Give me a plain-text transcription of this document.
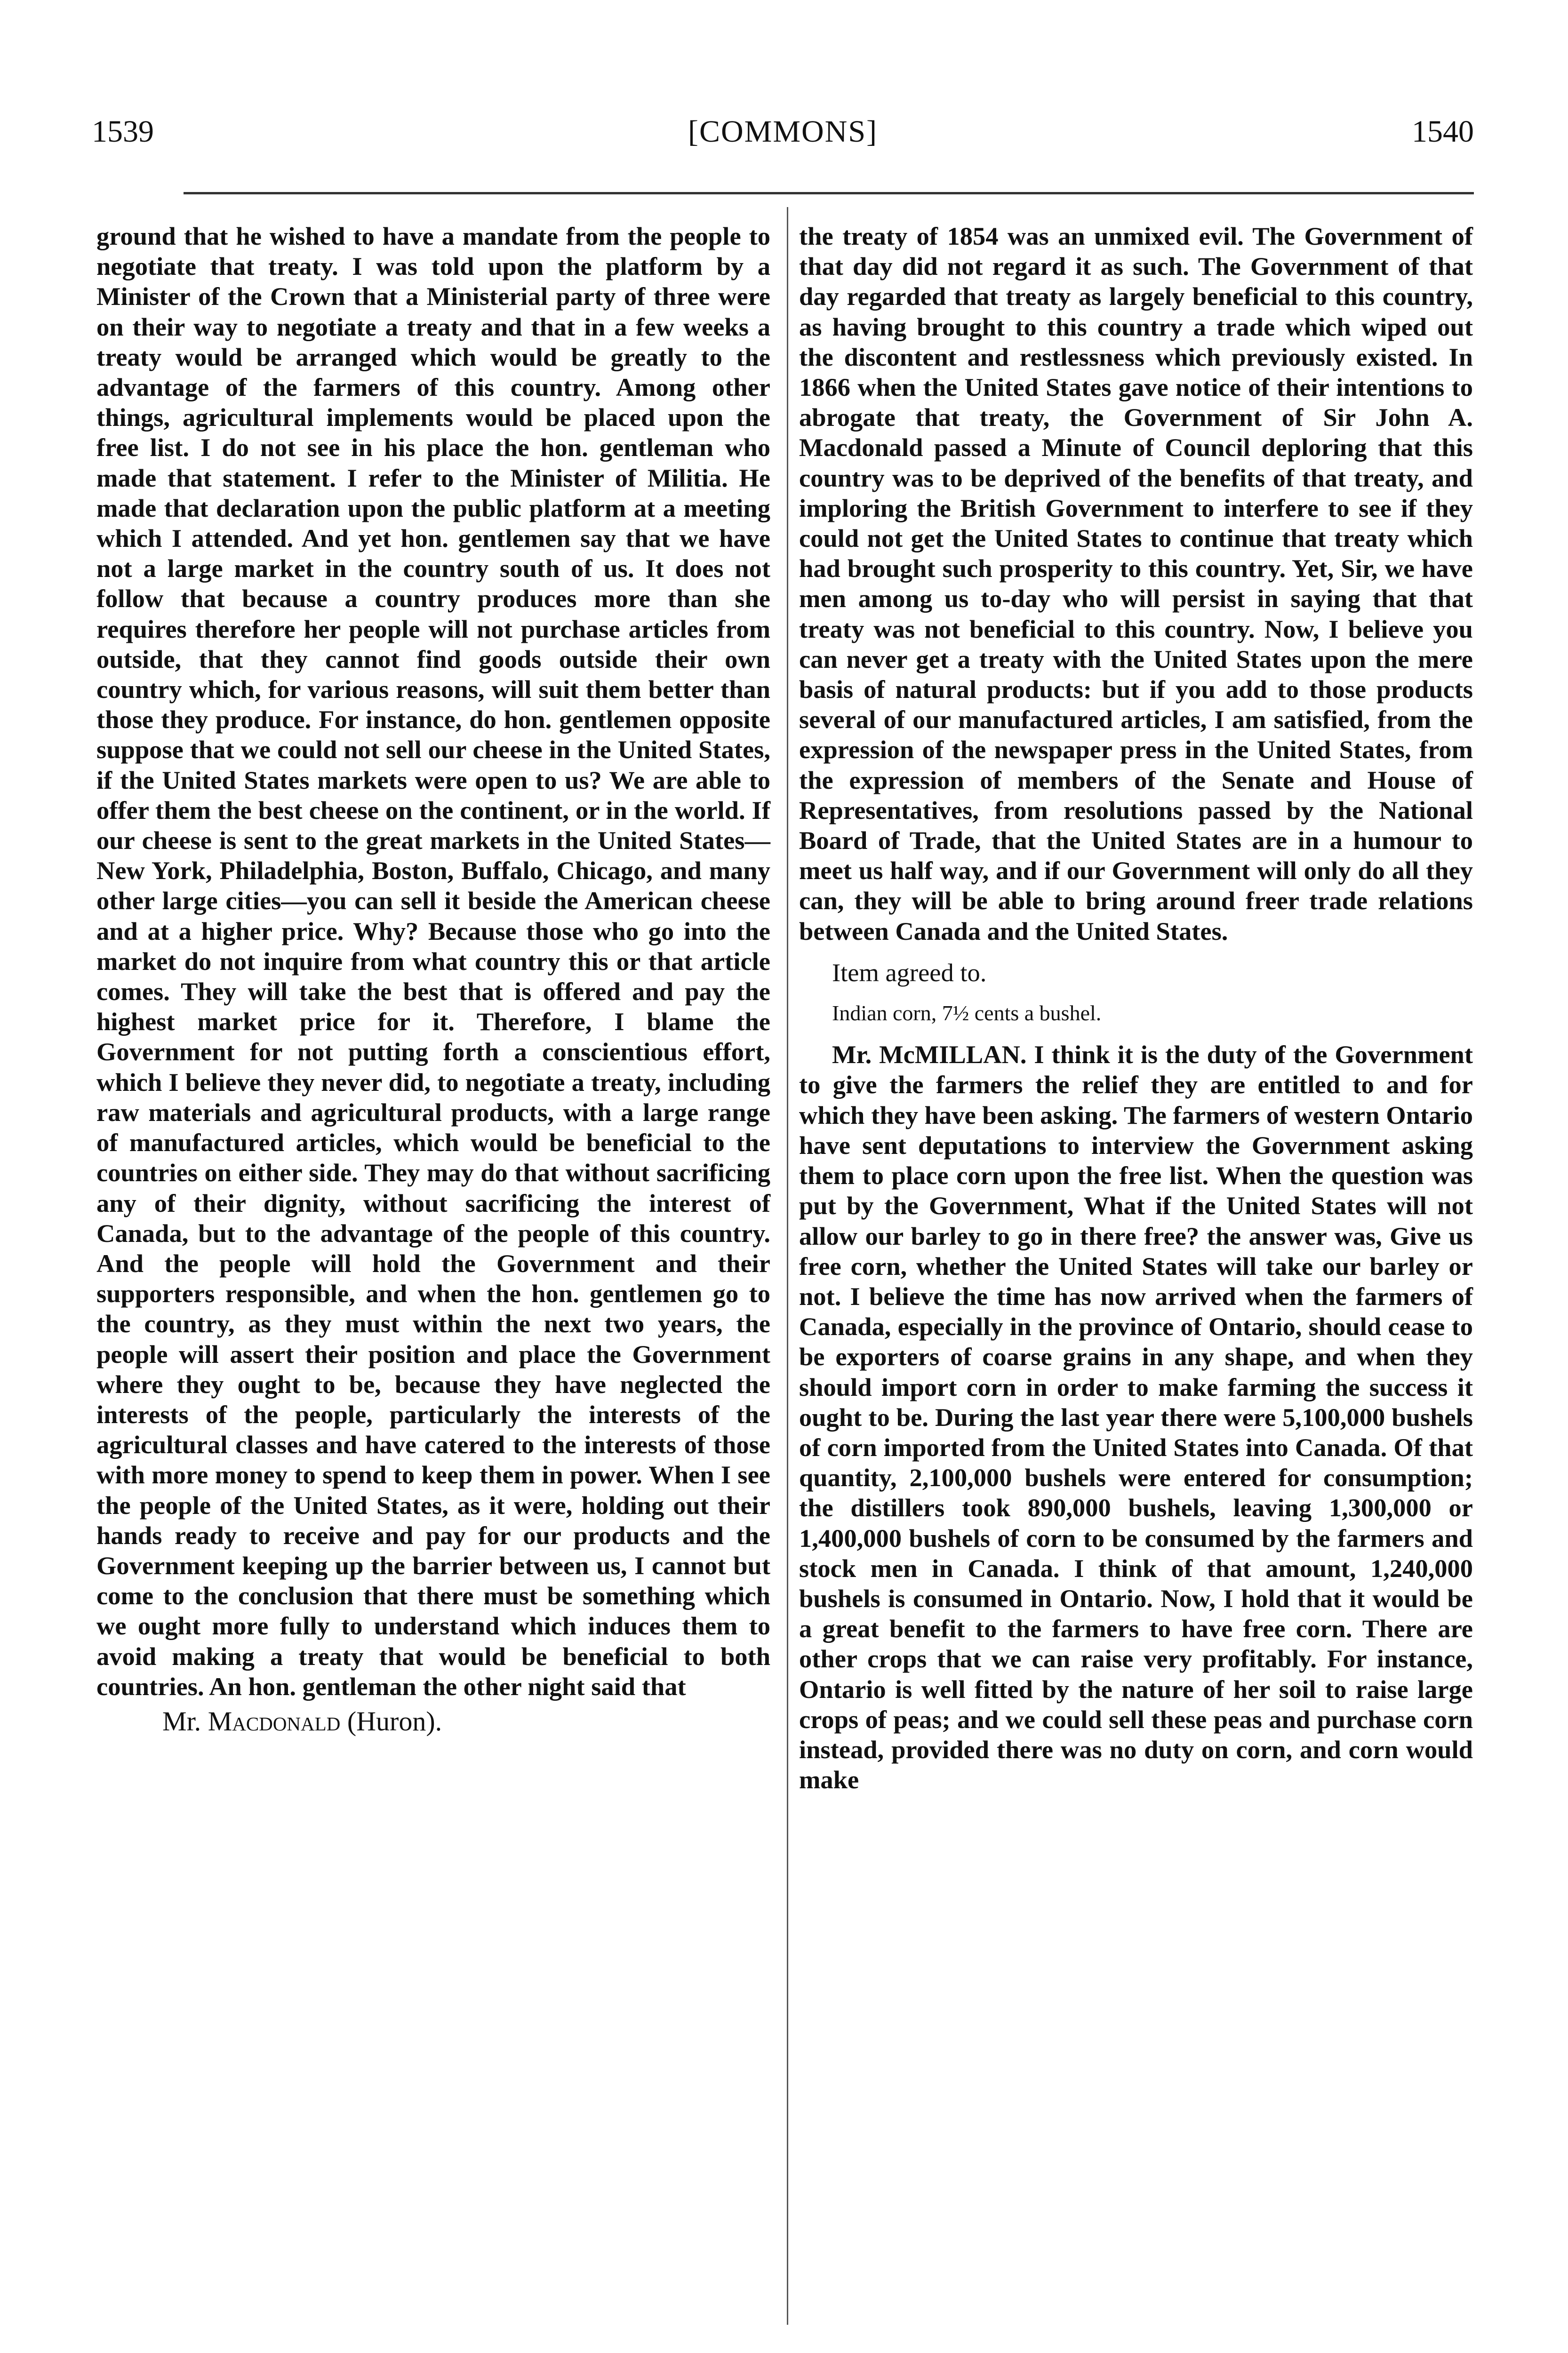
1539	[COMMONS]	1540

ground that he wished to have a mandate from the people to negotiate that treaty. I was told upon the platform by a Minister of the Crown that a Ministerial party of three were on their way to negotiate a treaty and that in a few weeks a treaty would be arranged which would be greatly to the advantage of the farmers of this country. Among other things, agricultural implements would be placed upon the free list. I do not see in his place the hon. gentleman who made that statement. I refer to the Minister of Militia. He made that declaration upon the public platform at a meeting which I attended. And yet hon. gentlemen say that we have not a large market in the country south of us. It does not follow that because a country produces more than she requires therefore her people will not purchase articles from outside, that they cannot find goods outside their own country which, for various reasons, will suit them better than those they produce. For instance, do hon. gentlemen opposite suppose that we could not sell our cheese in the United States, if the United States markets were open to us? We are able to offer them the best cheese on the continent, or in the world. If our cheese is sent to the great markets in the United States—New York, Philadelphia, Boston, Buffalo, Chicago, and many other large cities—you can sell it beside the American cheese and at a higher price. Why? Because those who go into the market do not inquire from what country this or that article comes. They will take the best that is offered and pay the highest market price for it. Therefore, I blame the Government for not putting forth a conscientious effort, which I believe they never did, to negotiate a treaty, including raw materials and agricultural products, with a large range of manufactured articles, which would be beneficial to the countries on either side. They may do that without sacrificing any of their dignity, without sacrificing the interest of Canada, but to the advantage of the people of this country. And the people will hold the Government and their supporters responsible, and when the hon. gentlemen go to the country, as they must within the next two years, the people will assert their position and place the Government where they ought to be, because they have neglected the interests of the people, particularly the interests of the agricultural classes and have catered to the interests of those with more money to spend to keep them in power. When I see the people of the United States, as it were, holding out their hands ready to receive and pay for our products and the Government keeping up the barrier between us, I cannot but come to the conclusion that there must be something which we ought more fully to understand which induces them to avoid making a treaty that would be beneficial to both countries. An hon. gentleman the other night said that

Mr. Macdonald (Huron).

the treaty of 1854 was an unmixed evil. The Government of that day did not regard it as such. The Government of that day regarded that treaty as largely beneficial to this country, as having brought to this country a trade which wiped out the discontent and restlessness which previously existed. In 1866 when the United States gave notice of their intentions to abrogate that treaty, the Government of Sir John A. Macdonald passed a Minute of Council deploring that this country was to be deprived of the benefits of that treaty, and imploring the British Government to interfere to see if they could not get the United States to continue that treaty which had brought such prosperity to this country. Yet, Sir, we have men among us to-day who will persist in saying that that treaty was not beneficial to this country. Now, I believe you can never get a treaty with the United States upon the mere basis of natural products: but if you add to those products several of our manufactured articles, I am satisfied, from the expression of the newspaper press in the United States, from the expression of members of the Senate and House of Representatives, from resolutions passed by the National Board of Trade, that the United States are in a humour to meet us half way, and if our Government will only do all they can, they will be able to bring around freer trade relations between Canada and the United States.

Item agreed to.

Indian corn, 7½ cents a bushel.

Mr. McMILLAN. I think it is the duty of the Government to give the farmers the relief they are entitled to and for which they have been asking. The farmers of western Ontario have sent deputations to interview the Government asking them to place corn upon the free list. When the question was put by the Government, What if the United States will not allow our barley to go in there free? the answer was, Give us free corn, whether the United States will take our barley or not. I believe the time has now arrived when the farmers of Canada, especially in the province of Ontario, should cease to be exporters of coarse grains in any shape, and when they should import corn in order to make farming the success it ought to be. During the last year there were 5,100,000 bushels of corn imported from the United States into Canada. Of that quantity, 2,100,000 bushels were entered for consumption; the distillers took 890,000 bushels, leaving 1,300,000 or 1,400,000 bushels of corn to be consumed by the farmers and stock men in Canada. I think of that amount, 1,240,000 bushels is consumed in Ontario. Now, I hold that it would be a great benefit to the farmers to have free corn. There are other crops that we can raise very profitably. For instance, Ontario is well fitted by the nature of her soil to raise large crops of peas; and we could sell these peas and purchase corn instead, provided there was no duty on corn, and corn would make
